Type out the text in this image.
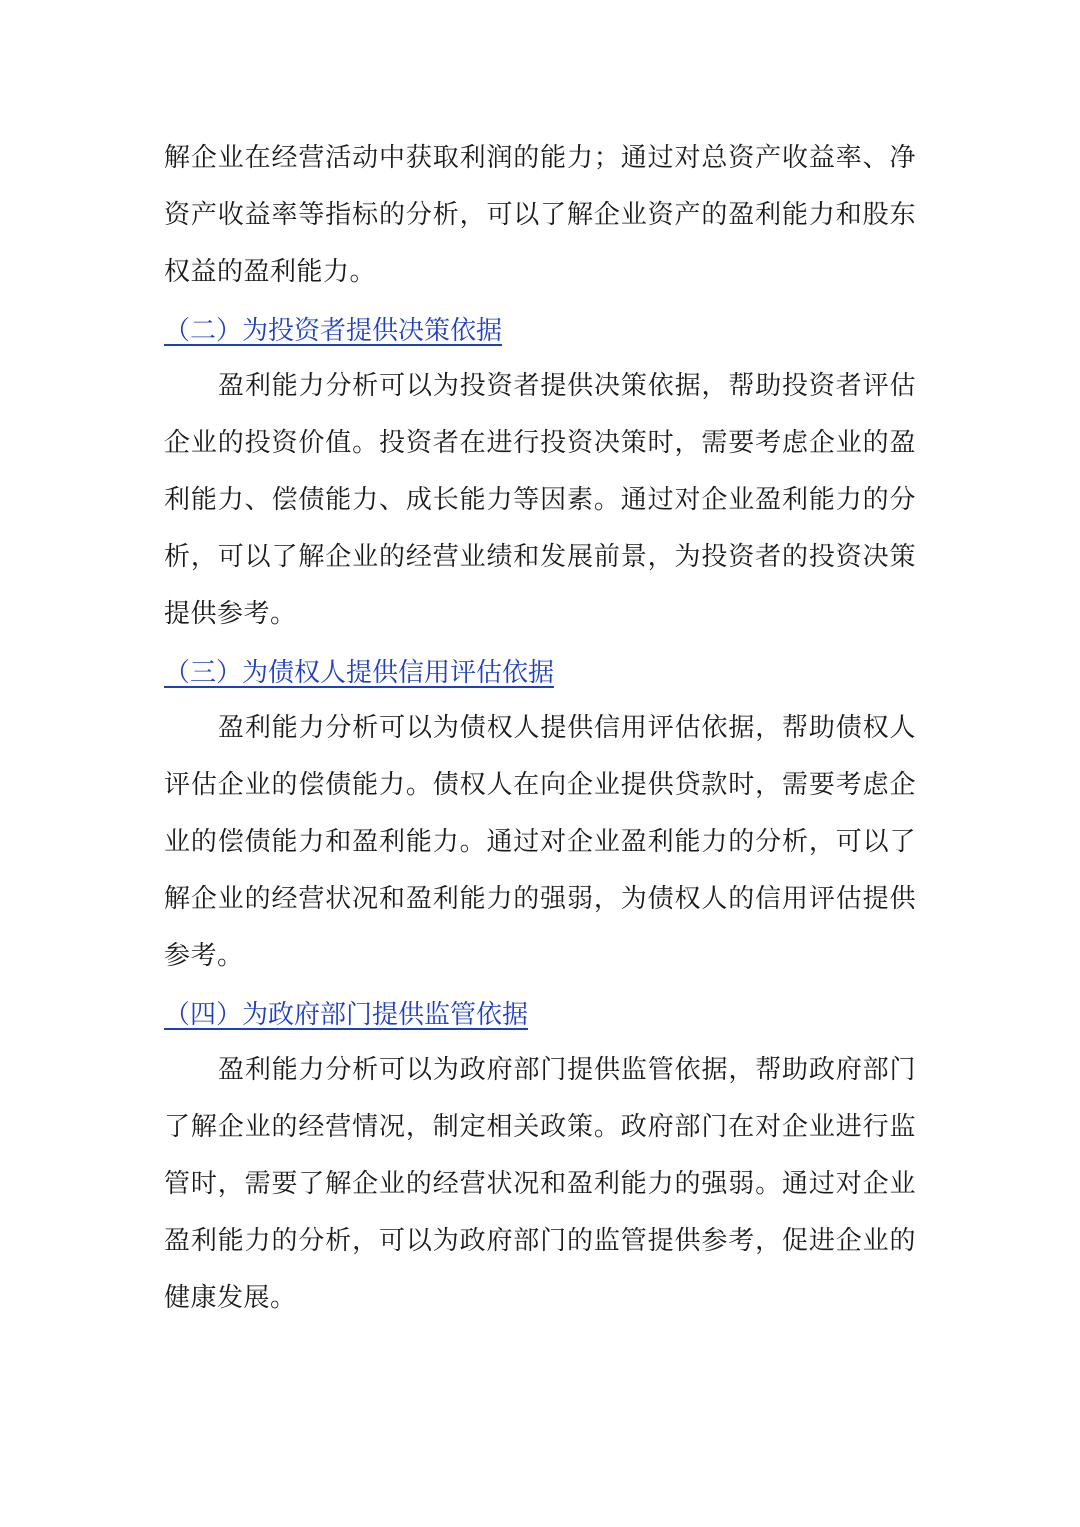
解企业在经营活动中获取利润的能力；通过对总资产收益率、净资产收益率等指标的分析，可以了解企业资产的盈利能力和股东权益的盈利能力。

（二）为投资者提供决策依据

盈利能力分析可以为投资者提供决策依据，帮助投资者评估企业的投资价值。投资者在进行投资决策时，需要考虑企业的盈利能力、偿债能力、成长能力等因素。通过对企业盈利能力的分析，可以了解企业的经营业绩和发展前景，为投资者的投资决策提供参考。

（三）为债权人提供信用评估依据

盈利能力分析可以为债权人提供信用评估依据，帮助债权人评估企业的偿债能力。债权人在向企业提供贷款时，需要考虑企业的偿债能力和盈利能力。通过对企业盈利能力的分析，可以了解企业的经营状况和盈利能力的强弱，为债权人的信用评估提供参考。

（四）为政府部门提供监管依据

盈利能力分析可以为政府部门提供监管依据，帮助政府部门了解企业的经营情况，制定相关政策。政府部门在对企业进行监管时，需要了解企业的经营状况和盈利能力的强弱。通过对企业盈利能力的分析，可以为政府部门的监管提供参考，促进企业的健康发展。
